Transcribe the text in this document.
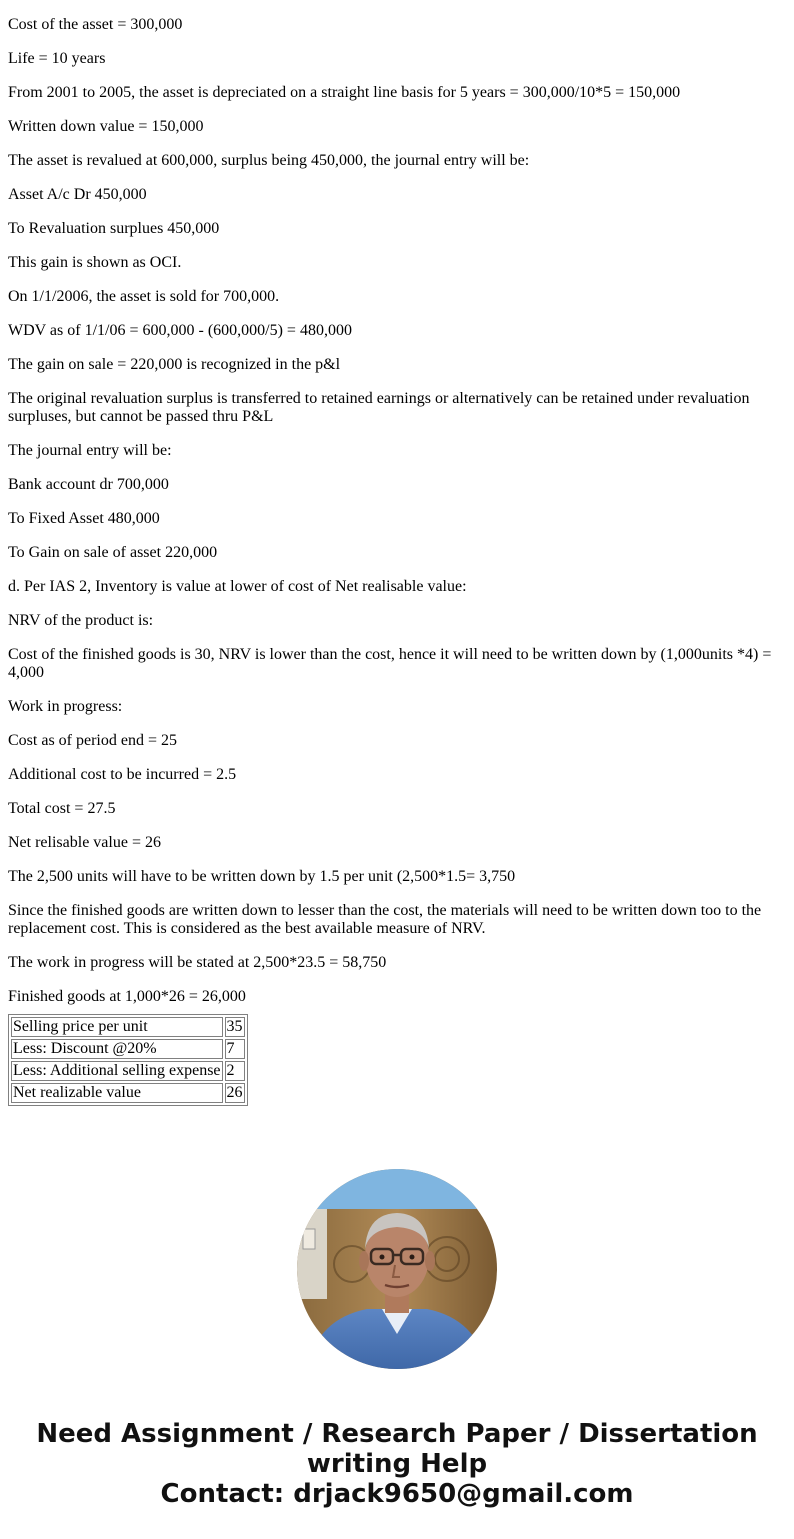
Cost of the asset = 300,000

Life = 10 years

From 2001 to 2005, the asset is depreciated on a straight line basis for 5 years = 300,000/10*5 = 150,000

Written down value = 150,000

The asset is revalued at 600,000, surplus being 450,000, the journal entry will be:

Asset A/c Dr 450,000

To Revaluation surplues 450,000

This gain is shown as OCI.

On 1/1/2006, the asset is sold for 700,000.

WDV as of 1/1/06 = 600,000 - (600,000/5) = 480,000

The gain on sale = 220,000 is recognized in the p&l

The original revaluation surplus is transferred to retained earnings or alternatively can be retained under revaluation surpluses, but cannot be passed thru P&L

The journal entry will be:

Bank account dr 700,000

To Fixed Asset 480,000

To Gain on sale of asset 220,000

d. Per IAS 2, Inventory is value at lower of cost of Net realisable value:

NRV of the product is:

Cost of the finished goods is 30, NRV is lower than the cost, hence it will need to be written down by (1,000units *4) = 4,000

Work in progress:

Cost as of period end = 25

Additional cost to be incurred = 2.5

Total cost = 27.5

Net relisable value = 26

The 2,500 units will have to be written down by 1.5 per unit (2,500*1.5= 3,750

Since the finished goods are written down to lesser than the cost, the materials will need to be written down too to the replacement cost. This is considered as the best available measure of NRV.

The work in progress will be stated at 2,500*23.5 = 58,750

Finished goods at 1,000*26 = 26,000

Selling price per unit	35
Less: Discount @20%	7
Less: Additional selling expense	2
Net realizable value	26
Need Assignment / Research Paper / Dissertation
writing Help
Contact: drjack9650@gmail.com
